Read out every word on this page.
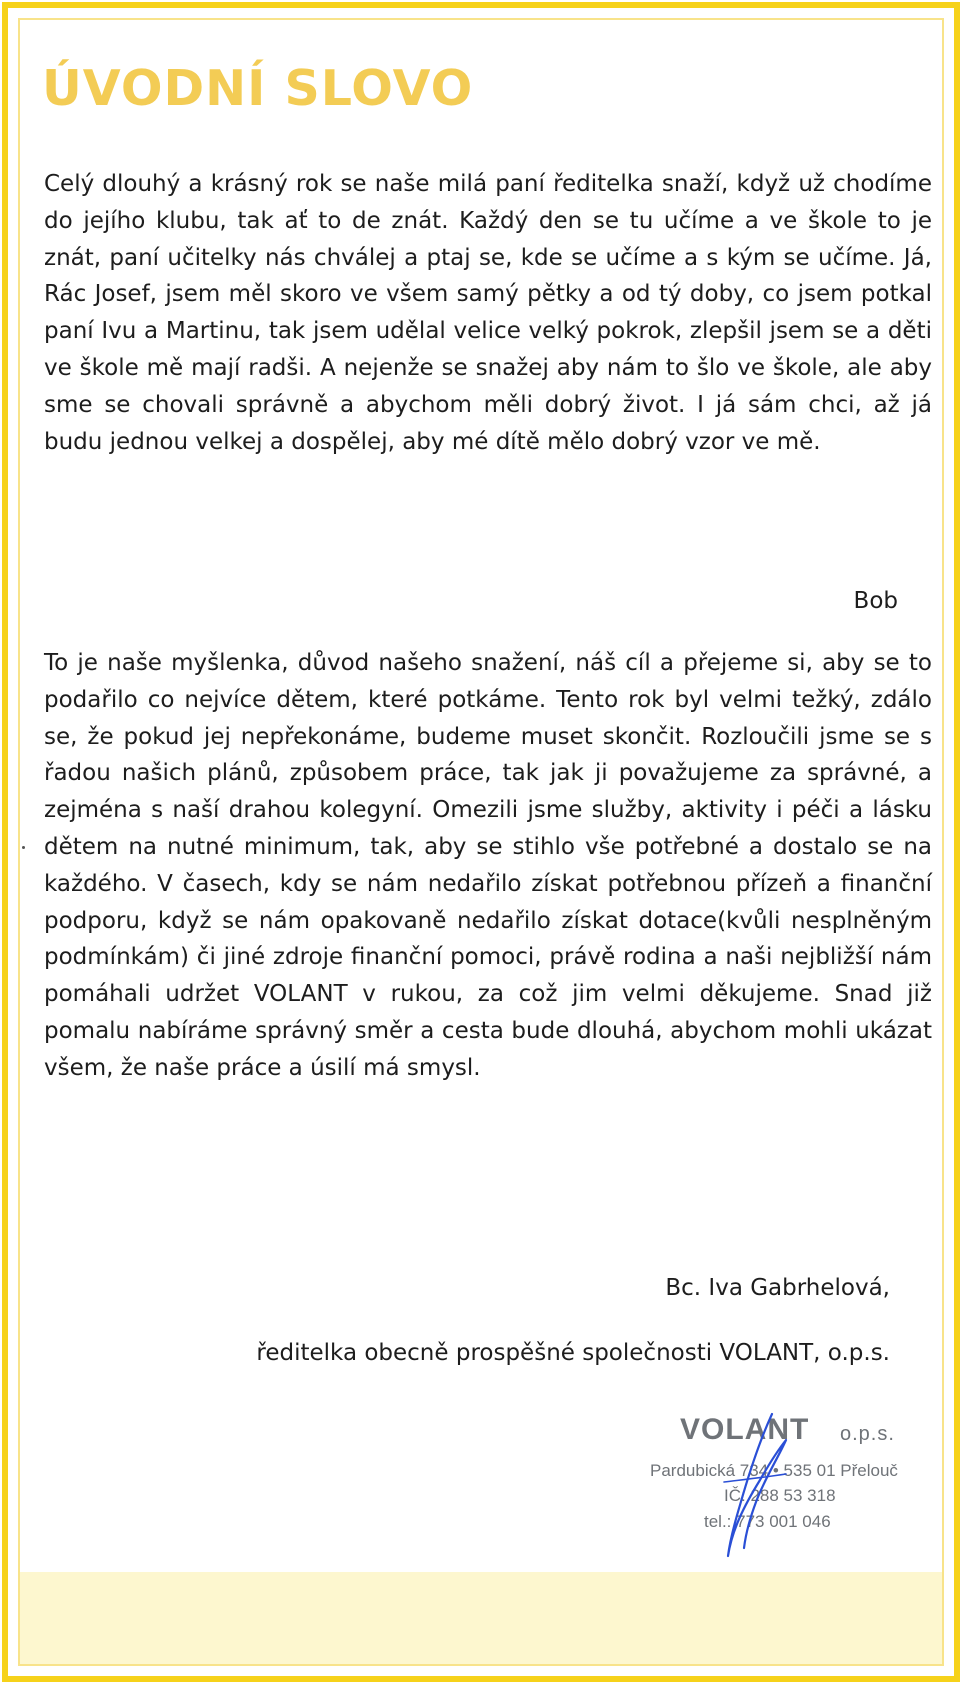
ÚVODNÍ SLOVO

Celý dlouhý a krásný rok se naše milá paní ředitelka snaží, když už chodíme do jejího klubu, tak ať to de znát. Každý den se tu učíme a ve škole to je znát, paní učitelky nás chválej a ptaj se, kde se učíme a s kým se učíme. Já, Rác Josef, jsem měl skoro ve všem samý pětky a od tý doby, co jsem potkal paní Ivu a Martinu, tak jsem udělal velice velký pokrok, zlepšil jsem se a děti ve škole mě mají radši. A nejenže se snažej aby nám to šlo ve škole, ale aby sme se chovali správně a abychom měli dobrý život. I já sám chci, až já budu jednou velkej a dospělej, aby mé dítě mělo dobrý vzor ve mě.

Bob

To je naše myšlenka, důvod našeho snažení, náš cíl a přejeme si, aby se to podařilo co nejvíce dětem, které potkáme. Tento rok byl velmi težký, zdálo se, že pokud jej nepřekonáme, budeme muset skončit. Rozloučili jsme se s řadou našich plánů, způsobem práce, tak jak ji považujeme za správné, a zejména s naší drahou kolegyní. Omezili jsme služby, aktivity i péči a lásku dětem na nutné minimum, tak, aby se stihlo vše potřebné a dostalo se na každého. V časech, kdy se nám nedařilo získat potřebnou přízeň a finanční podporu, když se nám opakovaně nedařilo získat dotace(kvůli nesplněným podmínkám) či jiné zdroje finanční pomoci, právě rodina a naši nejbližší nám pomáhali udržet VOLANT v rukou, za což jim velmi děkujeme. Snad již pomalu nabíráme správný směr a cesta bude dlouhá, abychom mohli ukázat všem, že naše práce a úsilí má smysl.

Bc. Iva Gabrhelová,
ředitelka obecně prospěšné společnosti VOLANT, o.p.s.
VOLANT o.p.s.
Pardubická 734 • 535 01 Přelouč
IČ: 288 53 318
tel.: 773 001 046
